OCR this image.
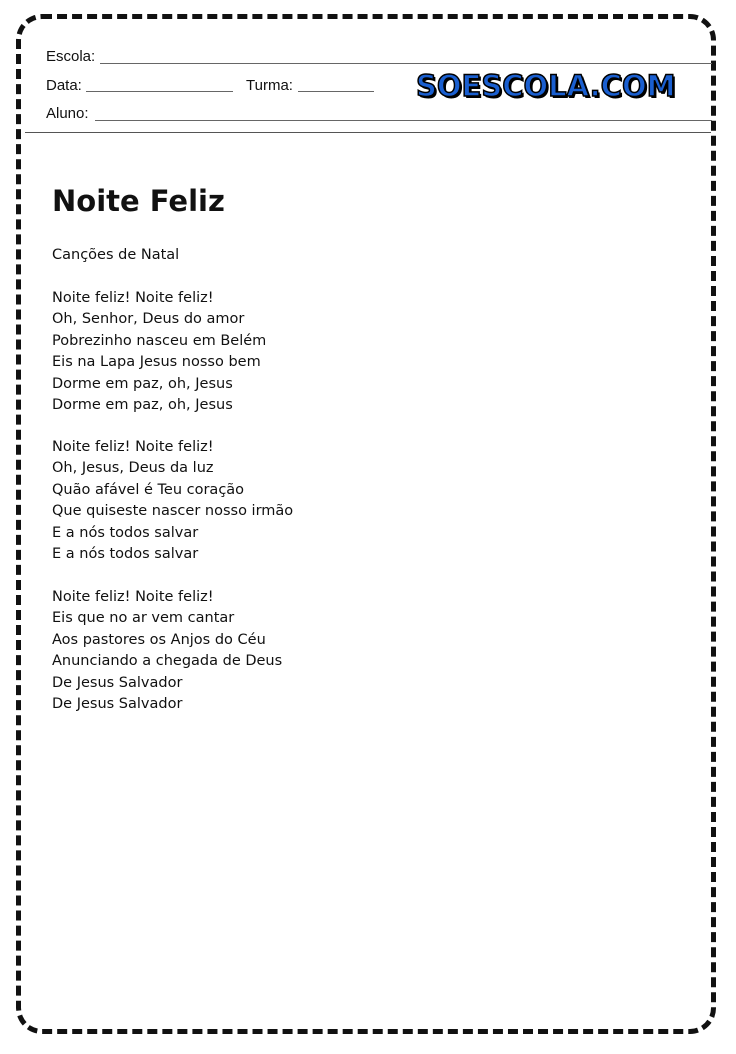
Escola:
Data:	Turma:
Aluno:
SOESCOLA.COM
Noite Feliz
Canções de Natal
Noite feliz! Noite feliz!
Oh, Senhor, Deus do amor
Pobrezinho nasceu em Belém
Eis na Lapa Jesus nosso bem
Dorme em paz, oh, Jesus
Dorme em paz, oh, Jesus
Noite feliz! Noite feliz!
Oh, Jesus, Deus da luz
Quão afável é Teu coração
Que quiseste nascer nosso irmão
E a nós todos salvar
E a nós todos salvar
Noite feliz! Noite feliz!
Eis que no ar vem cantar
Aos pastores os Anjos do Céu
Anunciando a chegada de Deus
De Jesus Salvador
De Jesus Salvador
